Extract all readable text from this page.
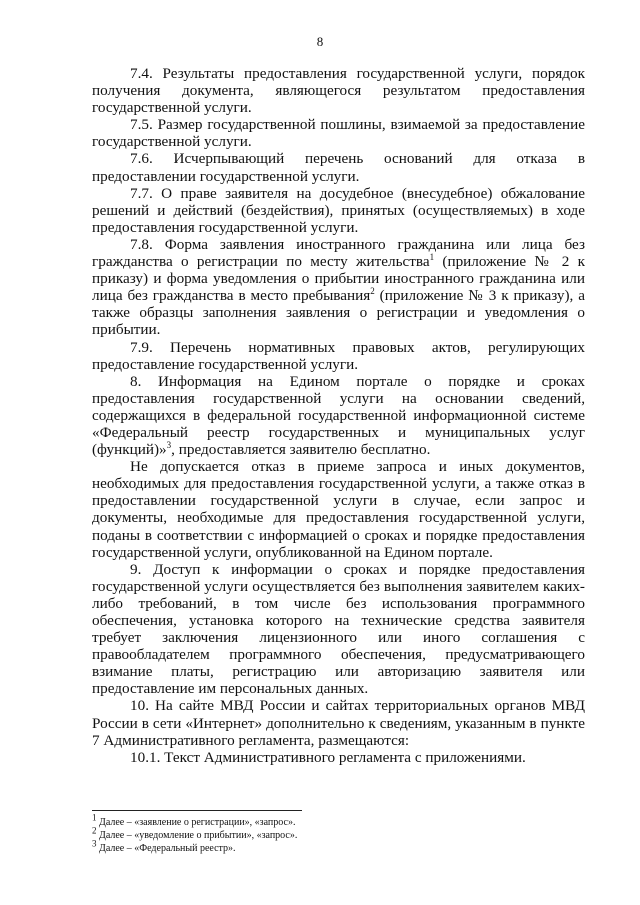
8

7.4. Результаты предоставления государственной услуги, порядок получения документа, являющегося результатом предоставления государственной услуги.

7.5. Размер государственной пошлины, взимаемой за предоставление государственной услуги.

7.6. Исчерпывающий перечень оснований для отказа в предоставлении государственной услуги.

7.7. О праве заявителя на досудебное (внесудебное) обжалование решений и действий (бездействия), принятых (осуществляемых) в ходе предоставления государственной услуги.

7.8. Форма заявления иностранного гражданина или лица без гражданства о регистрации по месту жительства$^1$ (приложение № 2 к приказу) и форма уведомления о прибытии иностранного гражданина или лица без гражданства в место пребывания$^2$ (приложение № 3 к приказу), а также образцы заполнения заявления о регистрации и уведомления о прибытии.

7.9. Перечень нормативных правовых актов, регулирующих предоставление государственной услуги.

8. Информация на Едином портале о порядке и сроках предоставления государственной услуги на основании сведений, содержащихся в федеральной государственной информационной системе «Федеральный реестр государственных и муниципальных услуг (функций)»$^3$, предоставляется заявителю бесплатно.

Не допускается отказ в приеме запроса и иных документов, необходимых для предоставления государственной услуги, а также отказ в предоставлении государственной услуги в случае, если запрос и документы, необходимые для предоставления государственной услуги, поданы в соответствии с информацией о сроках и порядке предоставления государственной услуги, опубликованной на Едином портале.

9. Доступ к информации о сроках и порядке предоставления государственной услуги осуществляется без выполнения заявителем каких-либо требований, в том числе без использования программного обеспечения, установка которого на технические средства заявителя требует заключения лицензионного или иного соглашения с правообладателем программного обеспечения, предусматривающего взимание платы, регистрацию или авторизацию заявителя или предоставление им персональных данных.

10. На сайте МВД России и сайтах территориальных органов МВД России в сети «Интернет» дополнительно к сведениям, указанным в пункте 7 Административного регламента, размещаются:

10.1. Текст Административного регламента с приложениями.

$^1$ Далее – «заявление о регистрации», «запрос».

$^2$ Далее – «уведомление о прибытии», «запрос».

$^3$ Далее – «Федеральный реестр».
